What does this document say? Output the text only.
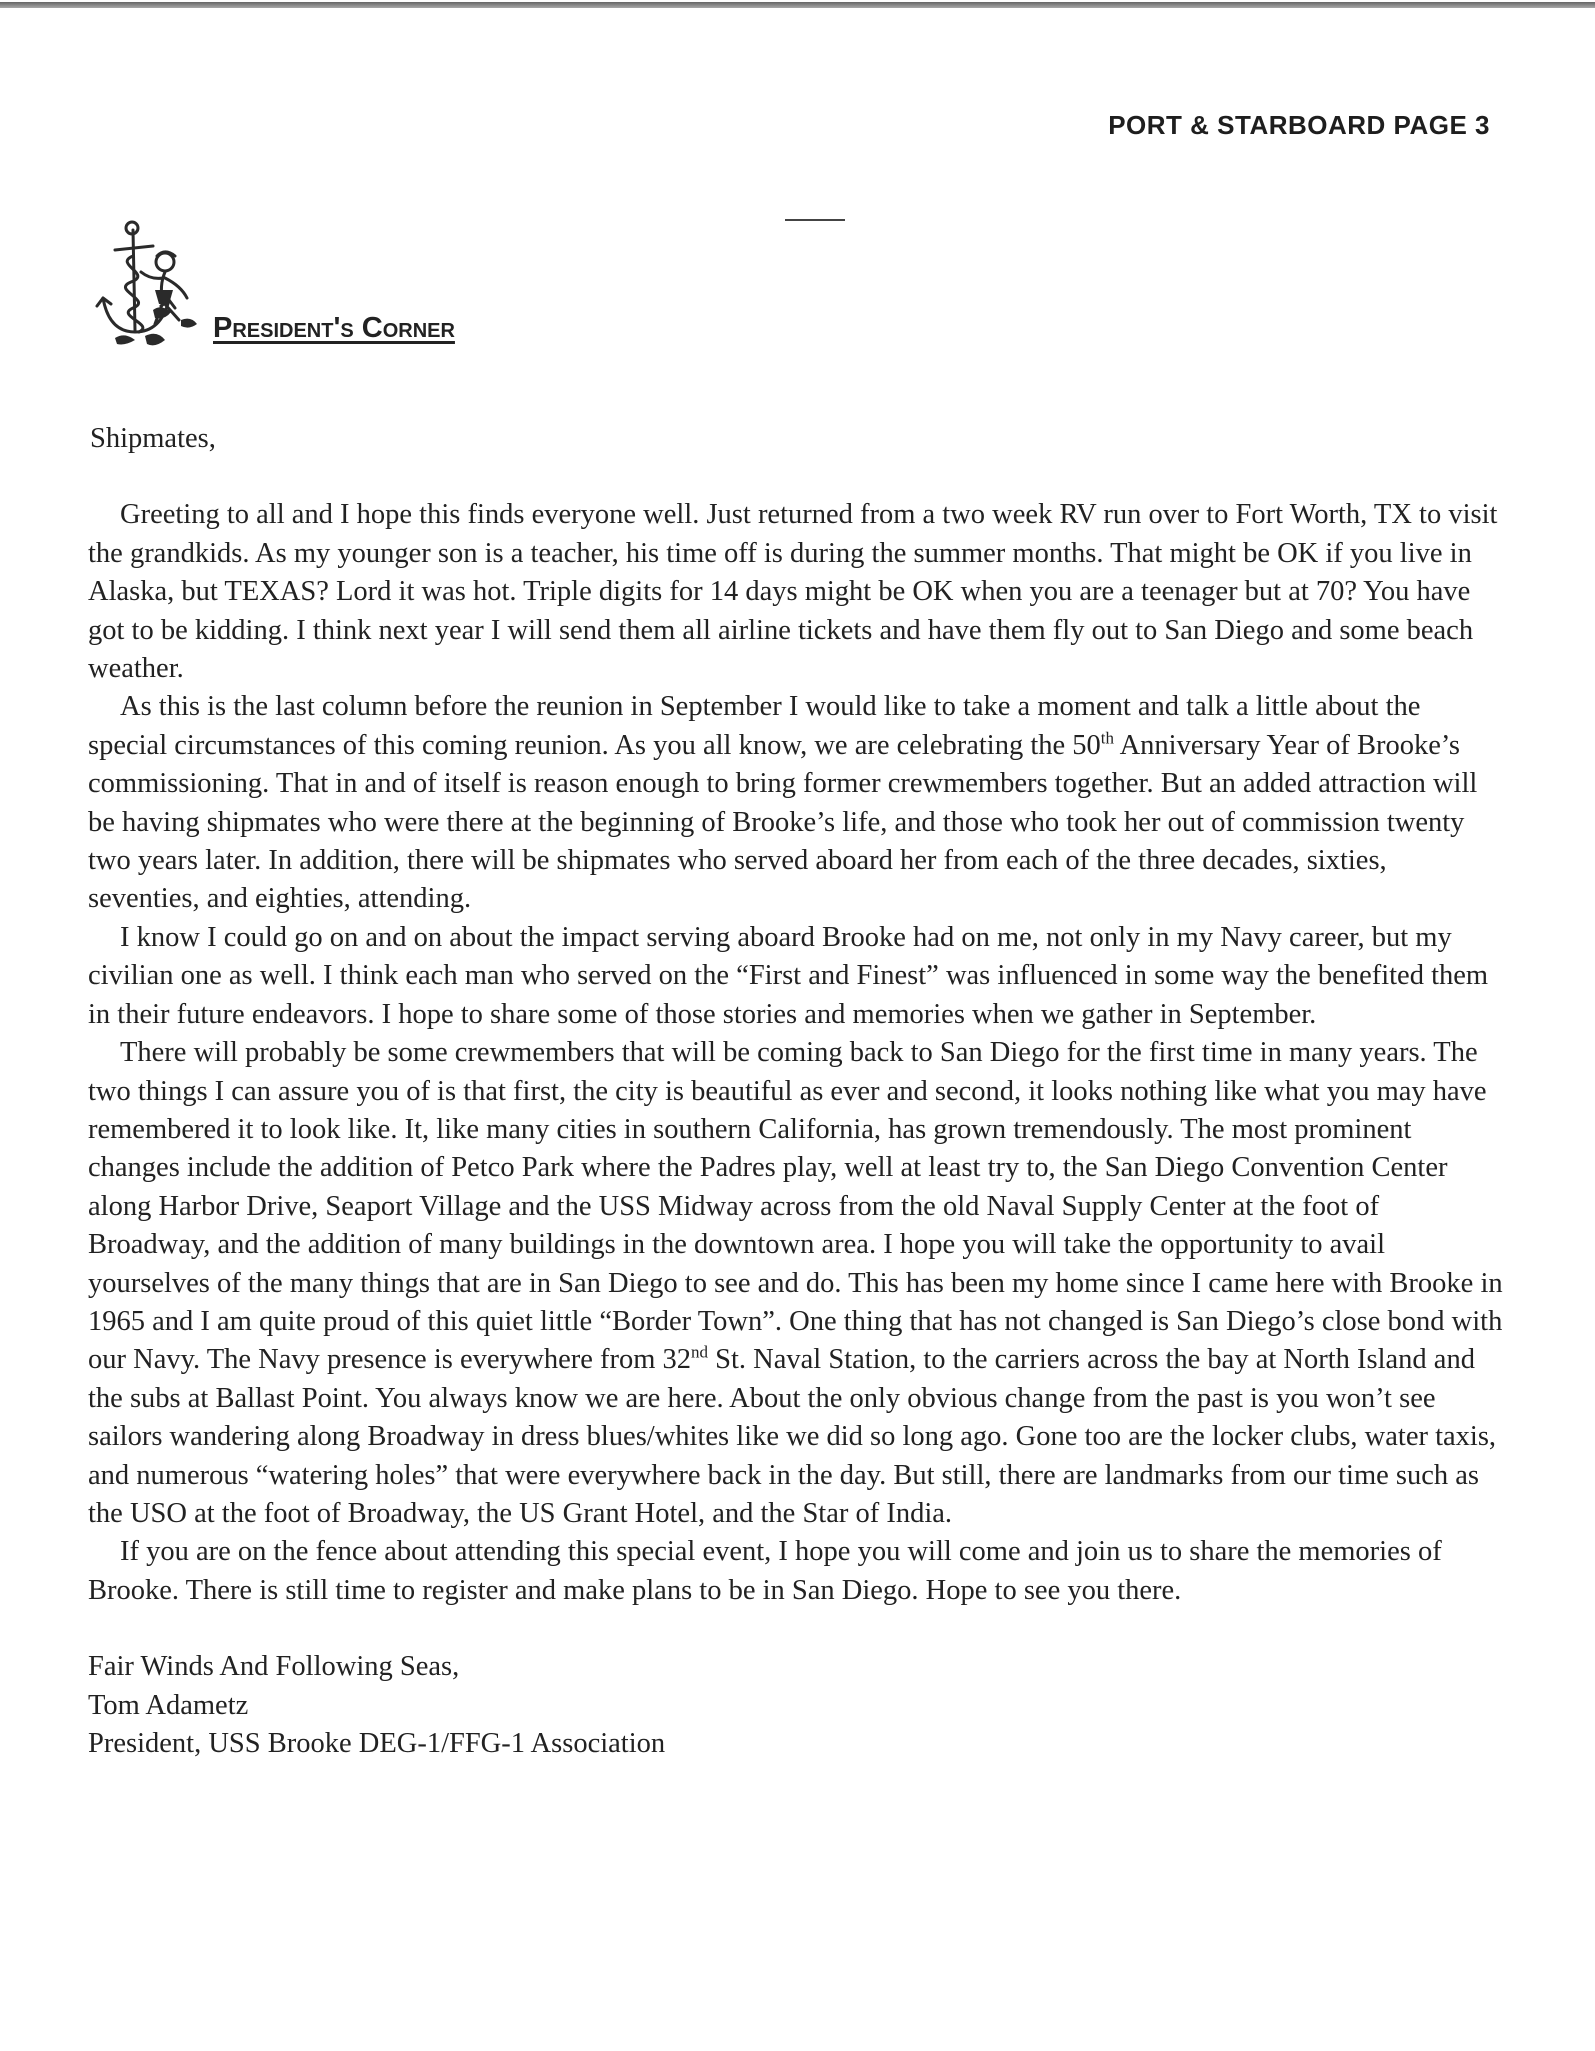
PORT & STARBOARD PAGE 3
President's Corner
Shipmates,

Greeting to all and I hope this finds everyone well. Just returned from a two week RV run over to Fort Worth, TX to visit the grandkids. As my younger son is a teacher, his time off is during the summer months. That might be OK if you live in Alaska, but TEXAS? Lord it was hot. Triple digits for 14 days might be OK when you are a teenager but at 70? You have got to be kidding. I think next year I will send them all airline tickets and have them fly out to San Diego and some beach weather.

As this is the last column before the reunion in September I would like to take a moment and talk a little about the special circumstances of this coming reunion. As you all know, we are celebrating the 50th Anniversary Year of Brooke’s commissioning. That in and of itself is reason enough to bring former crewmembers together. But an added attraction will be having shipmates who were there at the beginning of Brooke’s life, and those who took her out of commission twenty two years later. In addition, there will be shipmates who served aboard her from each of the three decades, sixties, seventies, and eighties, attending.

I know I could go on and on about the impact serving aboard Brooke had on me, not only in my Navy career, but my civilian one as well. I think each man who served on the “First and Finest” was influenced in some way the benefited them in their future endeavors. I hope to share some of those stories and memories when we gather in September.

There will probably be some crewmembers that will be coming back to San Diego for the first time in many years. The two things I can assure you of is that first, the city is beautiful as ever and second, it looks nothing like what you may have remembered it to look like. It, like many cities in southern California, has grown tremendously. The most prominent changes include the addition of Petco Park where the Padres play, well at least try to, the San Diego Convention Center along Harbor Drive, Seaport Village and the USS Midway across from the old Naval Supply Center at the foot of Broadway, and the addition of many buildings in the downtown area. I hope you will take the opportunity to avail yourselves of the many things that are in San Diego to see and do. This has been my home since I came here with Brooke in 1965 and I am quite proud of this quiet little “Border Town”. One thing that has not changed is San Diego’s close bond with our Navy. The Navy presence is everywhere from 32nd St. Naval Station, to the carriers across the bay at North Island and the subs at Ballast Point. You always know we are here. About the only obvious change from the past is you won’t see sailors wandering along Broadway in dress blues/whites like we did so long ago. Gone too are the locker clubs, water taxis, and numerous “watering holes” that were everywhere back in the day. But still, there are landmarks from our time such as the USO at the foot of Broadway, the US Grant Hotel, and the Star of India.

If you are on the fence about attending this special event, I hope you will come and join us to share the memories of Brooke. There is still time to register and make plans to be in San Diego. Hope to see you there.

Fair Winds And Following Seas,
Tom Adametz
President, USS Brooke DEG-1/FFG-1 Association
